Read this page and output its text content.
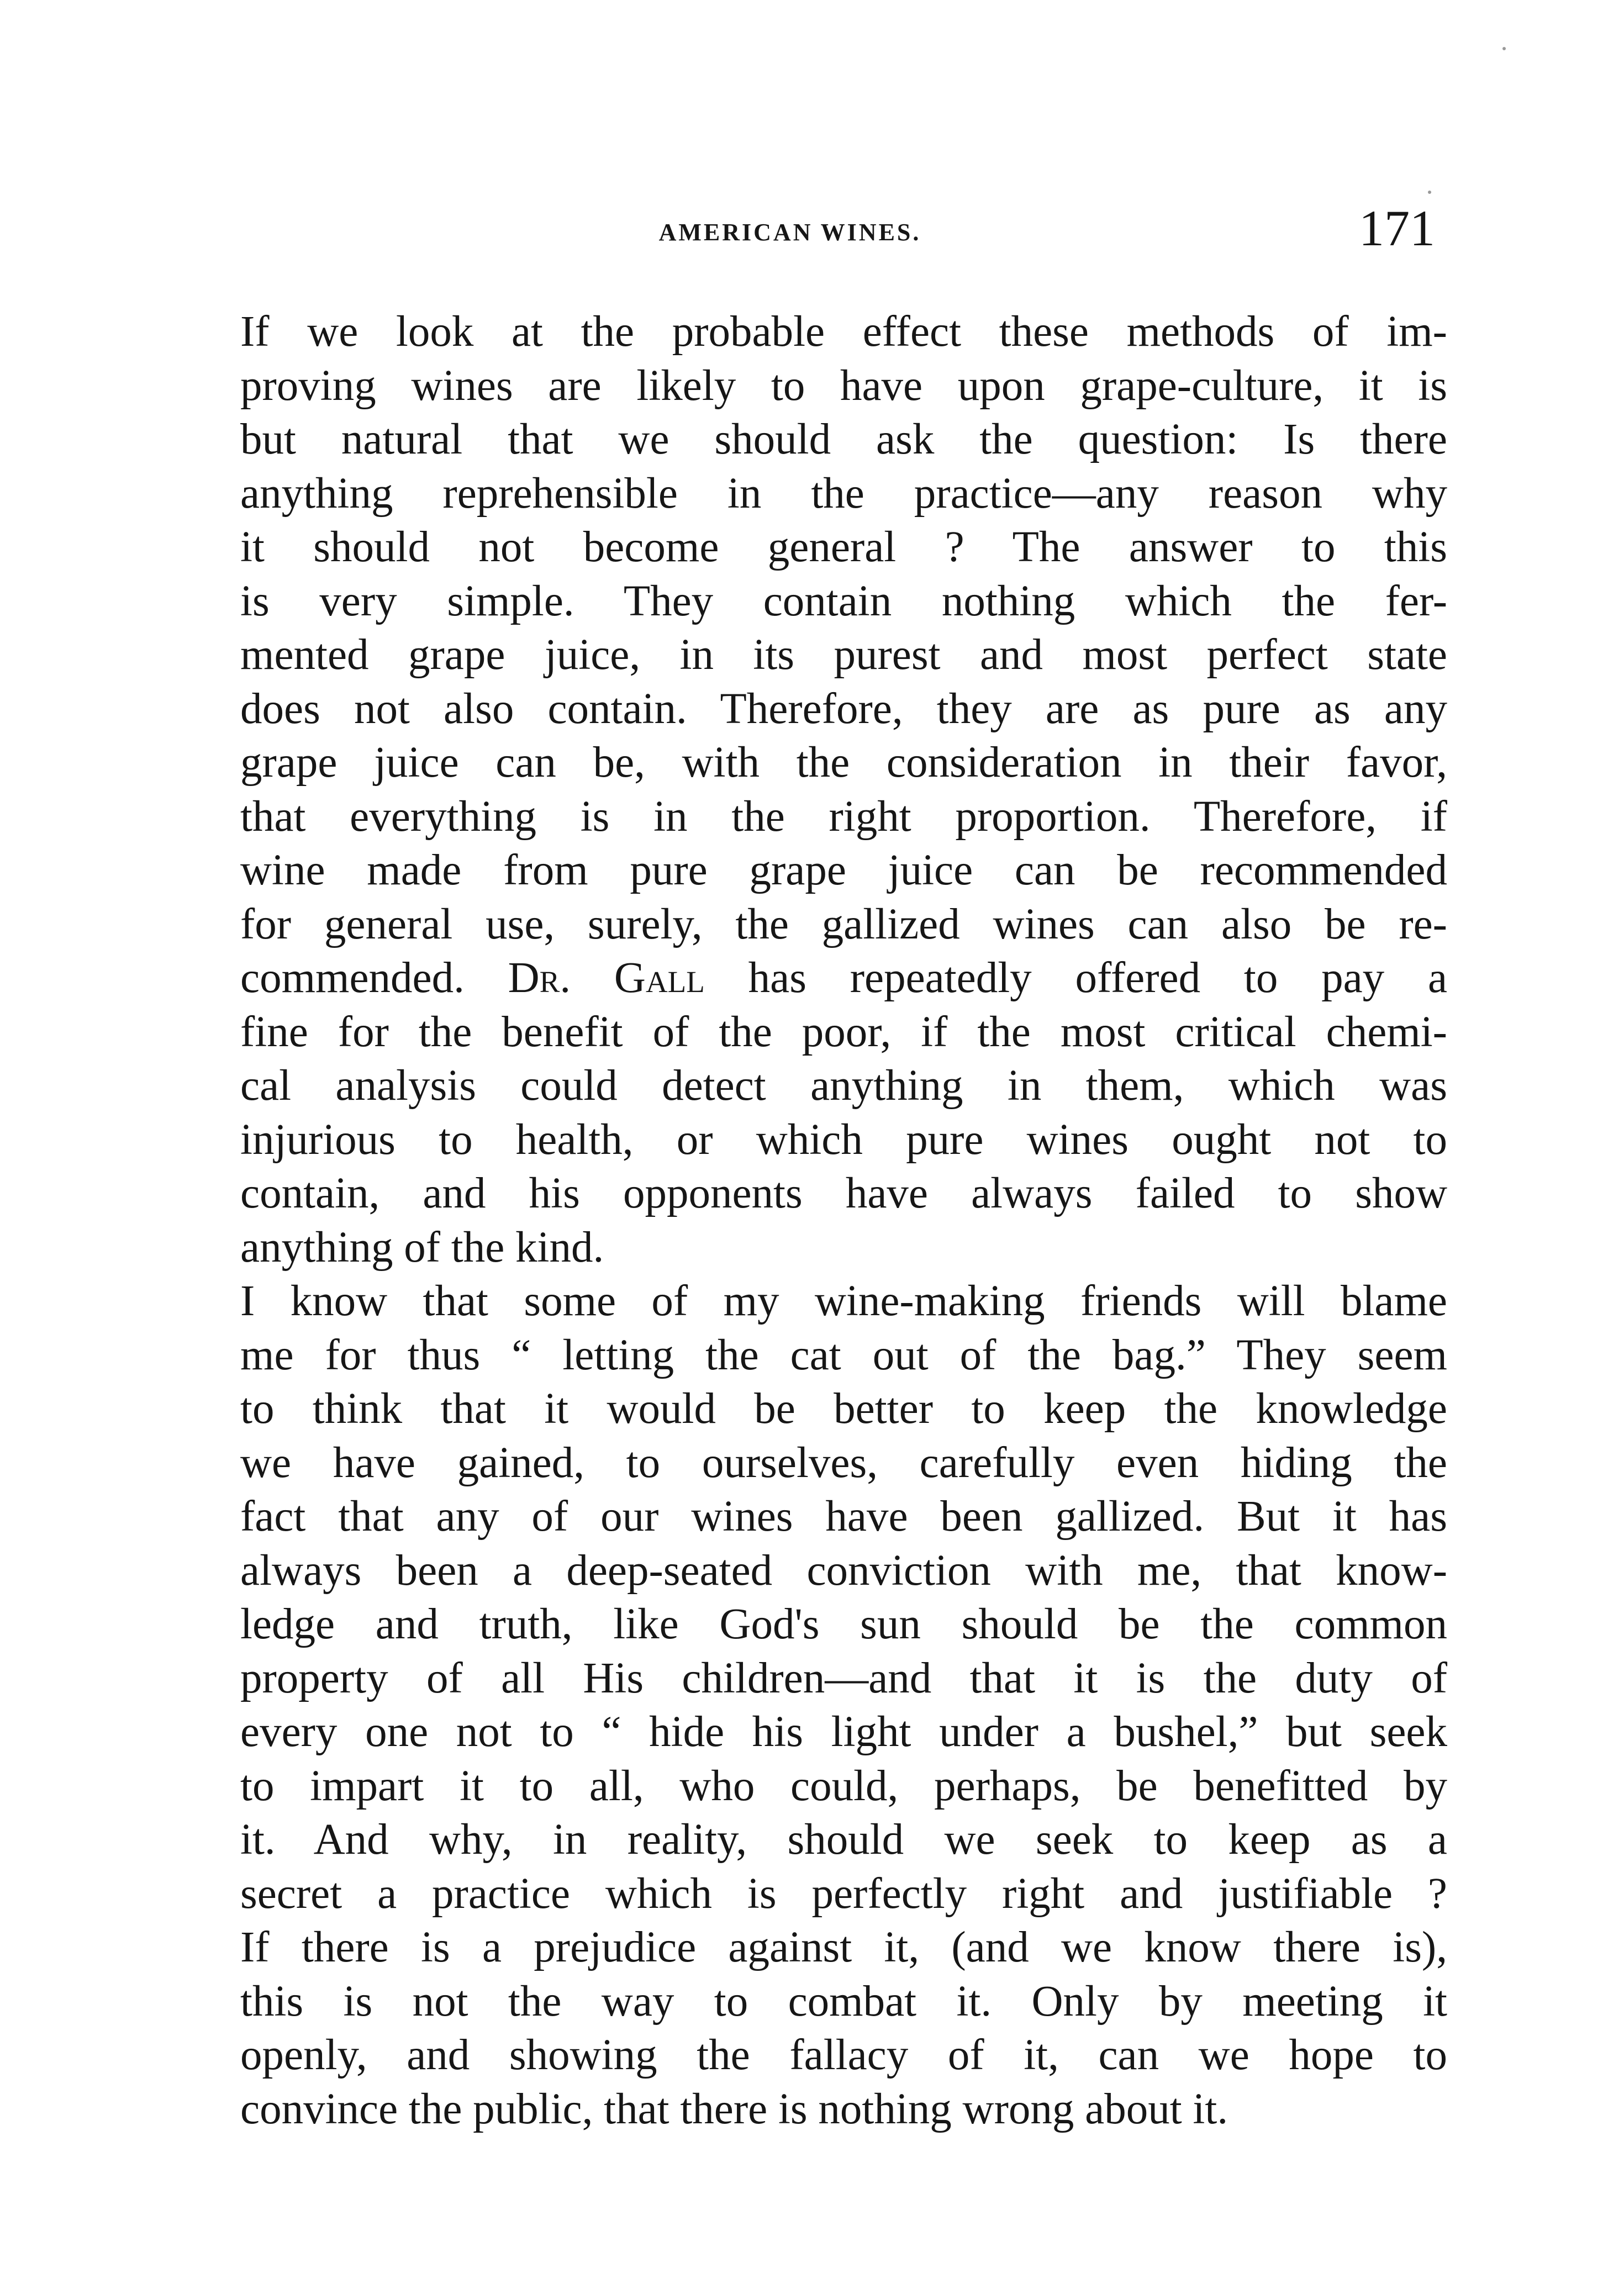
AMERICAN WINES.	171
If we look at the probable effect these methods of im-
proving wines are likely to have upon grape-culture, it is
but natural that we should ask the question: Is there
anything reprehensible in the practice—any reason why
it should not become general ? The answer to this
is very simple. They contain nothing which the fer-
mented grape juice, in its purest and most perfect state
does not also contain. Therefore, they are as pure as any
grape juice can be, with the consideration in their favor,
that everything is in the right proportion. Therefore, if
wine made from pure grape juice can be recommended
for general use, surely, the gallized wines can also be re-
commended. Dr. Gall has repeatedly offered to pay a
fine for the benefit of the poor, if the most critical chemi-
cal analysis could detect anything in them, which was
injurious to health, or which pure wines ought not to
contain, and his opponents have always failed to show
anything of the kind.
I know that some of my wine-making friends will blame
me for thus “ letting the cat out of the bag.” They seem
to think that it would be better to keep the knowledge
we have gained, to ourselves, carefully even hiding the
fact that any of our wines have been gallized. But it has
always been a deep-seated conviction with me, that know-
ledge and truth, like God's sun should be the common
property of all His children—and that it is the duty of
every one not to “ hide his light under a bushel,” but seek
to impart it to all, who could, perhaps, be benefitted by
it. And why, in reality, should we seek to keep as a
secret a practice which is perfectly right and justifiable ?
If there is a prejudice against it, (and we know there is),
this is not the way to combat it. Only by meeting it
openly, and showing the fallacy of it, can we hope to
convince the public, that there is nothing wrong about it.
